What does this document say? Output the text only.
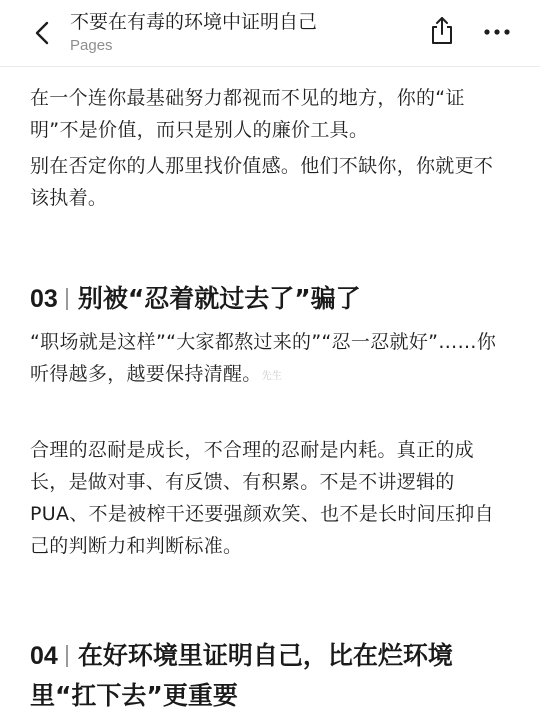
不要在有毒的环境中证明自己
Pages
在一个连你最基础努力都视而不见的地方，你的“证明”不是价值，而只是别人的廉价工具。
别在否定你的人那里找价值感。他们不缺你，你就更不该执着。
03 别被“忍着就过去了”骗了
“职场就是这样”“大家都熬过来的”“忍一忍就好”……你听得越多，越要保持清醒。先生
合理的忍耐是成长，不合理的忍耐是内耗。真正的成长，是做对事、有反馈、有积累。不是不讲逻辑的PUA、不是被榨干还要强颜欢笑、也不是长时间压抑自己的判断力和判断标准。
04 在好环境里证明自己，比在烂环境里“扛下去”更重要
